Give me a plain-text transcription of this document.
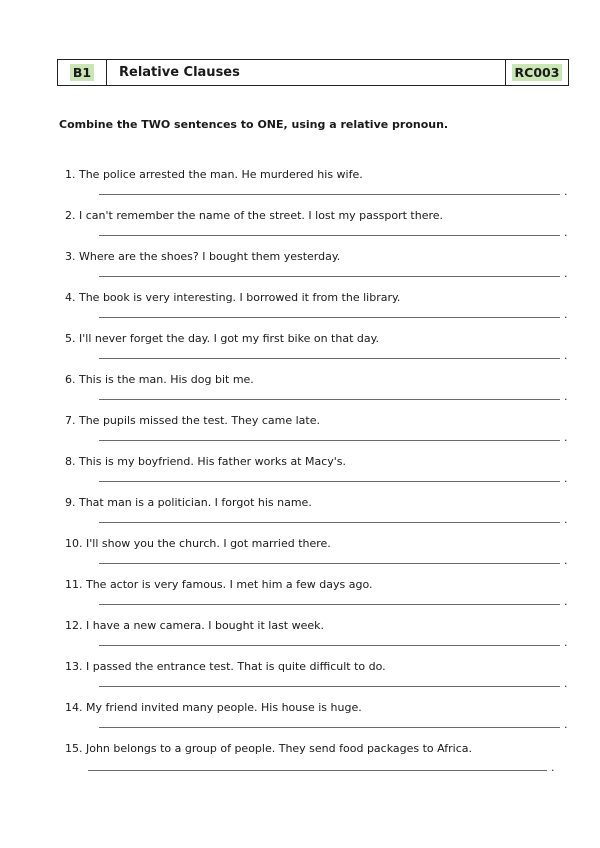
B1	Relative Clauses	RC003
Combine the TWO sentences to ONE, using a relative pronoun.
1. The police arrested the man. He murdered his wife.
.
2. I can't remember the name of the street. I lost my passport there.
.
3. Where are the shoes? I bought them yesterday.
.
4. The book is very interesting. I borrowed it from the library.
.
5. I'll never forget the day. I got my first bike on that day.
.
6. This is the man. His dog bit me.
.
7. The pupils missed the test. They came late.
.
8. This is my boyfriend. His father works at Macy's.
.
9. That man is a politician. I forgot his name.
.
10. I'll show you the church. I got married there.
.
11. The actor is very famous. I met him a few days ago.
.
12. I have a new camera. I bought it last week.
.
13. I passed the entrance test. That is quite difficult to do.
.
14. My friend invited many people. His house is huge.
.
15. John belongs to a group of people. They send food packages to Africa.
.
